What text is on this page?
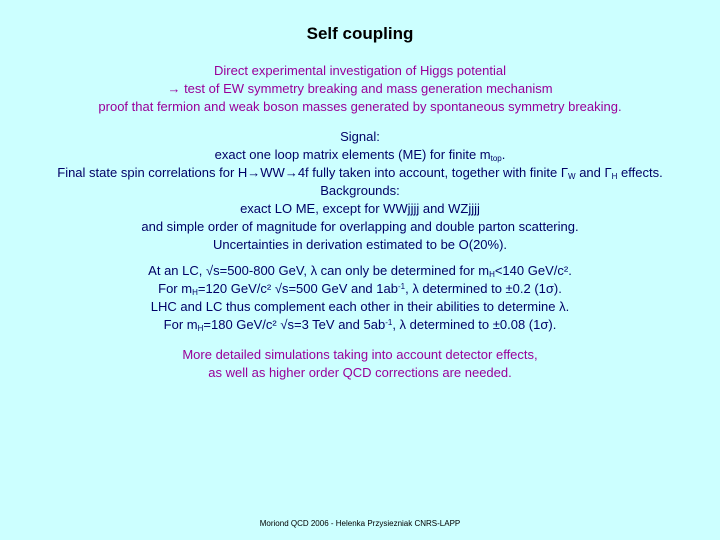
Self coupling
Direct experimental investigation of Higgs potential
→ test of EW symmetry breaking and mass generation mechanism
proof that fermion and weak boson masses generated by spontaneous symmetry breaking.
Signal:
exact one loop matrix elements (ME) for finite $m_{top}$.
Final state spin correlations for H→WW→4f fully taken into account, together with finite $\Gamma_W$ and $\Gamma_H$ effects.
Backgrounds:
exact LO ME, except for WWjjjj and WZjjjj
and simple order of magnitude for overlapping and double parton scattering.
Uncertainties in derivation estimated to be O(20%).
At an LC, √s=500-800 GeV, λ can only be determined for $m_H<140$ GeV/c².
For $m_H=120$ GeV/c² √s=500 GeV and $1ab^{-1}$, λ determined to ±0.2 (1σ).
LHC and LC thus complement each other in their abilities to determine λ.
For $m_H=180$ GeV/c² √s=3 TeV and $5ab^{-1}$, λ determined to ±0.08 (1σ).
More detailed simulations taking into account detector effects,
as well as higher order QCD corrections are needed.
Moriond QCD 2006 - Helenka Przysiezniak CNRS-LAPP
